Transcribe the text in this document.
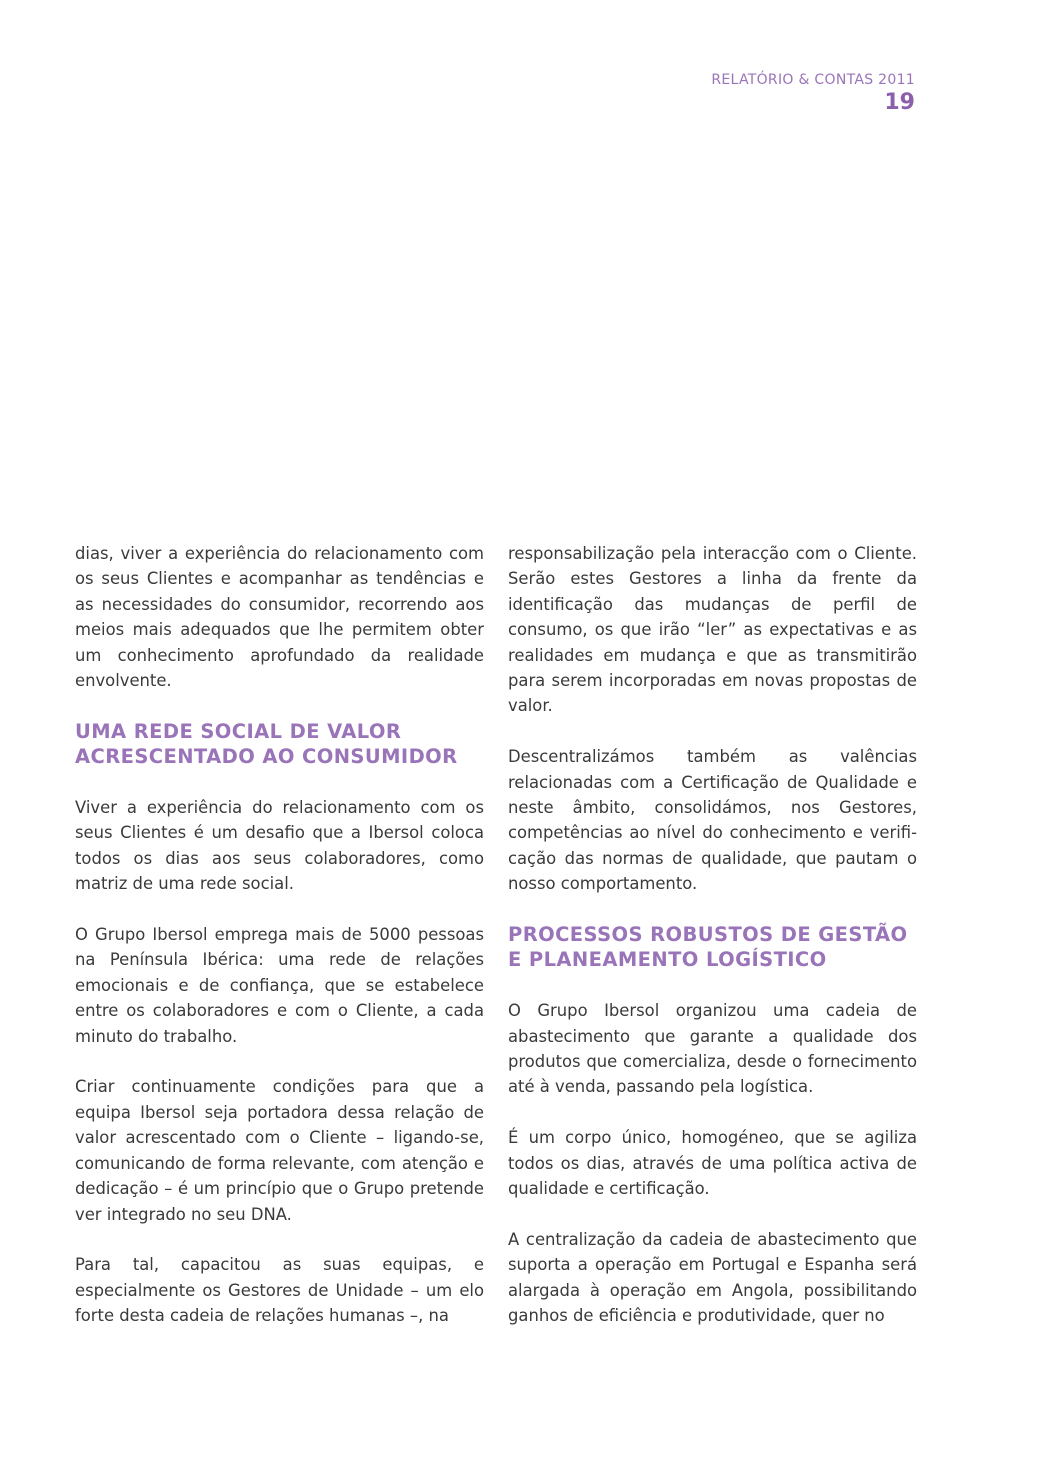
RELATÓRIO & CONTAS 2011
19

dias, viver a experiência do relacionamento com os seus Clientes e acompanhar as tendências e as necessidades do consumidor, recorrendo aos meios mais adequados que lhe permitem obter um conhecimento aprofundado da realidade envolvente.

UMA REDE SOCIAL DE VALOR
ACRESCENTADO AO CONSUMIDOR

Viver a experiência do relacionamento com os seus Clientes é um desafio que a Ibersol coloca todos os dias aos seus colaboradores, como matriz de uma rede social.

O Grupo Ibersol emprega mais de 5000 pessoas na Península Ibérica: uma rede de relações emocionais e de confiança, que se estabelece entre os colaboradores e com o Cliente, a cada minuto do trabalho.

Criar continuamente condições para que a equipa Ibersol seja portadora dessa relação de valor acrescentado com o Cliente – ligando-se, comunicando de forma relevante, com atenção e dedicação – é um princípio que o Grupo pretende ver integrado no seu DNA.

Para tal, capacitou as suas equipas, e especialmente os Gestores de Unidade – um elo forte desta cadeia de relações humanas –, na

responsabilização pela interacção com o Cliente. Serão estes Gestores a linha da frente da identificação das mudanças de perfil de consumo, os que irão “ler” as expectativas e as realidades em mudança e que as transmitirão para serem incorporadas em novas propostas de valor.

Descentralizámos também as valências relacionadas com a Certificação de Qualidade e neste âmbito, consolidámos, nos Gestores, competências ao nível do conhecimento e verificação das normas de qualidade, que pautam o nosso comportamento.

PROCESSOS ROBUSTOS DE GESTÃO
E PLANEAMENTO LOGÍSTICO

O Grupo Ibersol organizou uma cadeia de abastecimento que garante a qualidade dos produtos que comercializa, desde o fornecimento até à venda, passando pela logística.

É um corpo único, homogéneo, que se agiliza todos os dias, através de uma política activa de qualidade e certificação.

A centralização da cadeia de abastecimento que suporta a operação em Portugal e Espanha será alargada à operação em Angola, possibilitando ganhos de eficiência e produtividade, quer no
